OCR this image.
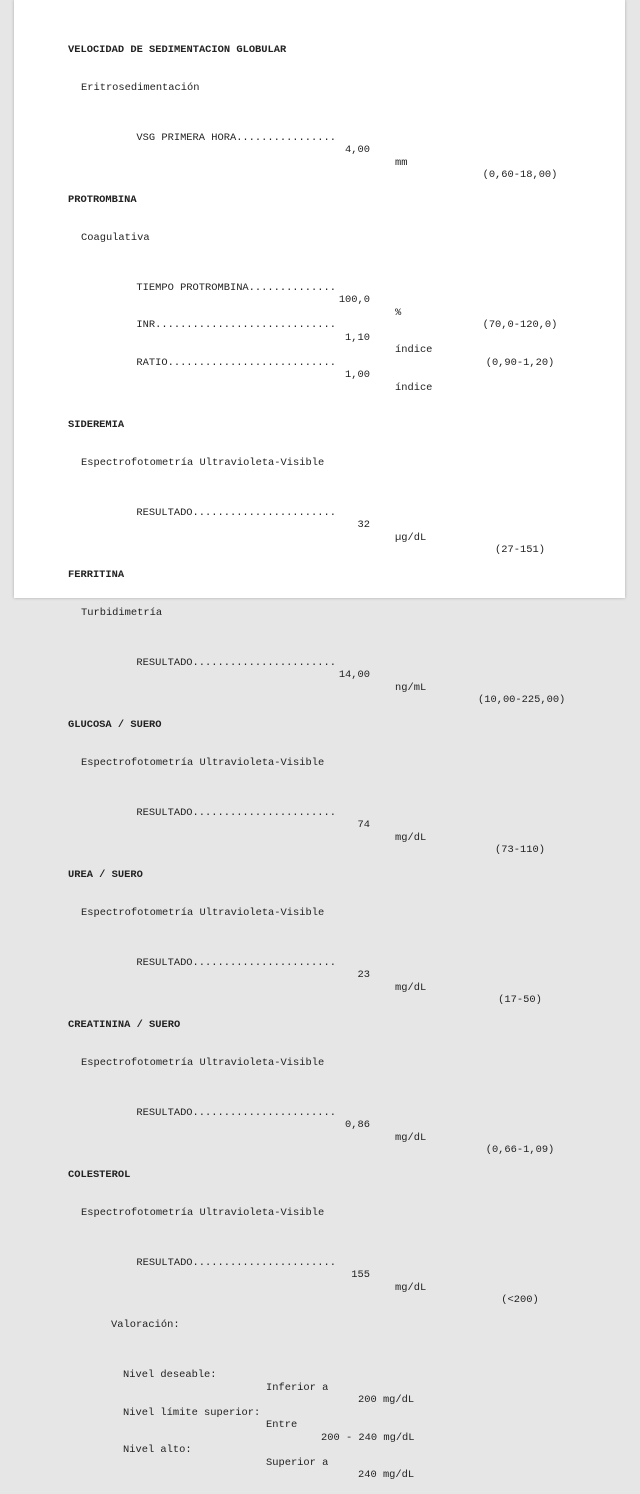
VELOCIDAD DE SEDIMENTACION GLOBULAR

Eritrosedimentación

VSG PRIMERA HORA................

4,00

mm

(0,60-18,00)

PROTROMBINA

Coagulativa

TIEMPO PROTROMBINA..............

100,0

%

(70,0-120,0)

INR.............................

1,10

índice

(0,90-1,20)

RATIO...........................

1,00

índice

SIDEREMIA

Espectrofotometría Ultravioleta-Visible

RESULTADO.......................

32

µg/dL

(27-151)

FERRITINA

Turbidimetría

RESULTADO.......................

14,00

ng/mL

(10,00-225,00)

GLUCOSA / SUERO

Espectrofotometría Ultravioleta-Visible

RESULTADO.......................

74

mg/dL

(73-110)

UREA / SUERO

Espectrofotometría Ultravioleta-Visible

RESULTADO.......................

23

mg/dL

(17-50)

CREATININA / SUERO

Espectrofotometría Ultravioleta-Visible

RESULTADO.......................

0,86

mg/dL

(0,66-1,09)

COLESTEROL

Espectrofotometría Ultravioleta-Visible

RESULTADO.......................

155

mg/dL

(<200)

Valoración:

Nivel deseable:

Inferior a

200 mg/dL

Nivel límite superior:

Entre

200 - 240 mg/dL

Nivel alto:

Superior a

240 mg/dL
